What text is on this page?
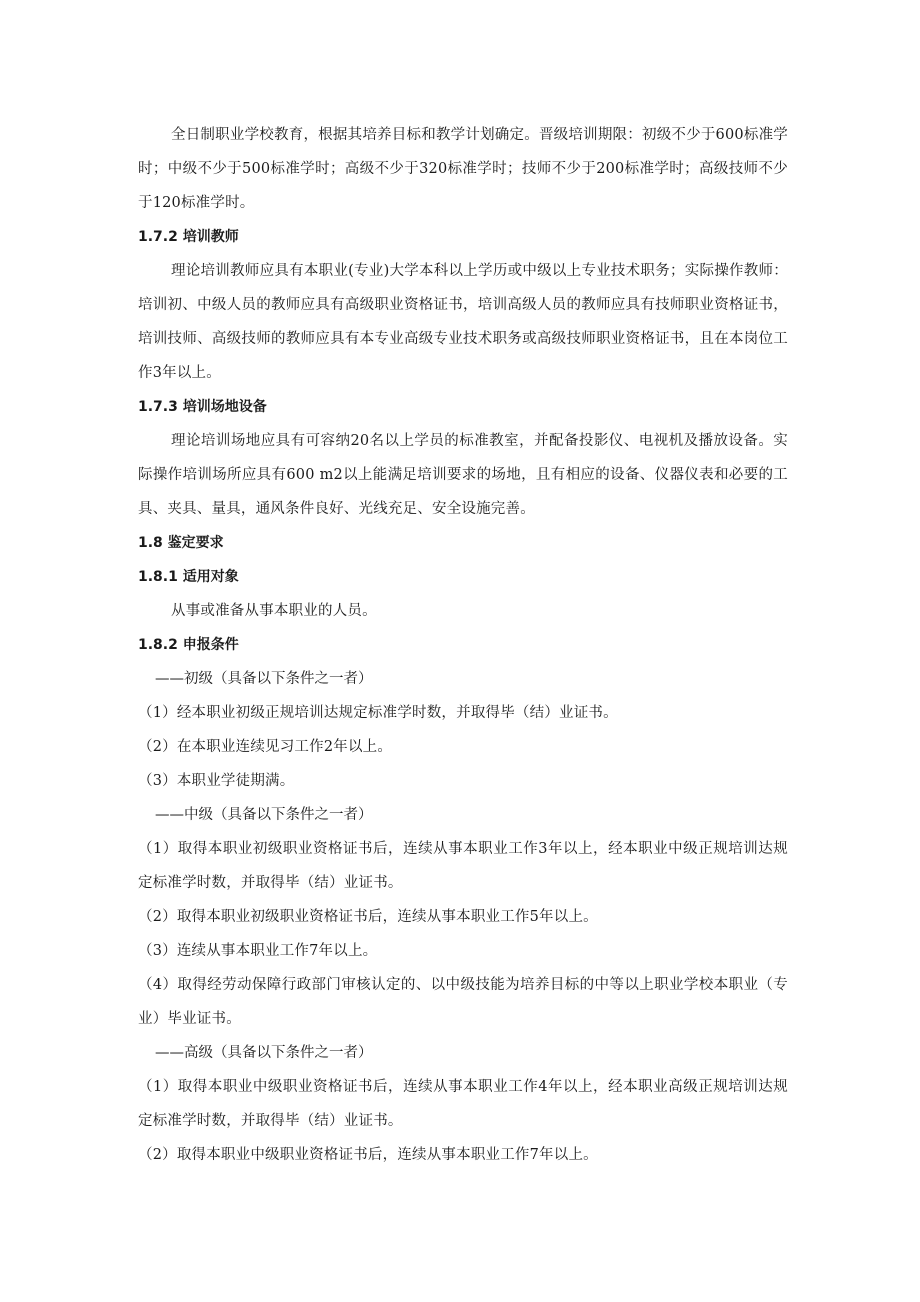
全日制职业学校教育，根据其培养目标和教学计划确定。晋级培训期限：初级不少于600标准学时；中级不少于500标准学时；高级不少于320标准学时；技师不少于200标准学时；高级技师不少于120标准学时。

1.7.2 培训教师

理论培训教师应具有本职业(专业)大学本科以上学历或中级以上专业技术职务；实际操作教师：培训初、中级人员的教师应具有高级职业资格证书，培训高级人员的教师应具有技师职业资格证书，培训技师、高级技师的教师应具有本专业高级专业技术职务或高级技师职业资格证书，且在本岗位工作3年以上。

1.7.3 培训场地设备

理论培训场地应具有可容纳20名以上学员的标准教室，并配备投影仪、电视机及播放设备。实际操作培训场所应具有600 m2以上能满足培训要求的场地，且有相应的设备、仪器仪表和必要的工具、夹具、量具，通风条件良好、光线充足、安全设施完善。

1.8 鉴定要求

1.8.1 适用对象

从事或准备从事本职业的人员。

1.8.2 申报条件

——初级（具备以下条件之一者）

（1）经本职业初级正规培训达规定标准学时数，并取得毕（结）业证书。

（2）在本职业连续见习工作2年以上。

（3）本职业学徒期满。

——中级（具备以下条件之一者）

（1）取得本职业初级职业资格证书后，连续从事本职业工作3年以上，经本职业中级正规培训达规定标准学时数，并取得毕（结）业证书。

（2）取得本职业初级职业资格证书后，连续从事本职业工作5年以上。

（3）连续从事本职业工作7年以上。

（4）取得经劳动保障行政部门审核认定的、以中级技能为培养目标的中等以上职业学校本职业（专业）毕业证书。

——高级（具备以下条件之一者）

（1）取得本职业中级职业资格证书后，连续从事本职业工作4年以上，经本职业高级正规培训达规定标准学时数，并取得毕（结）业证书。

（2）取得本职业中级职业资格证书后，连续从事本职业工作7年以上。
